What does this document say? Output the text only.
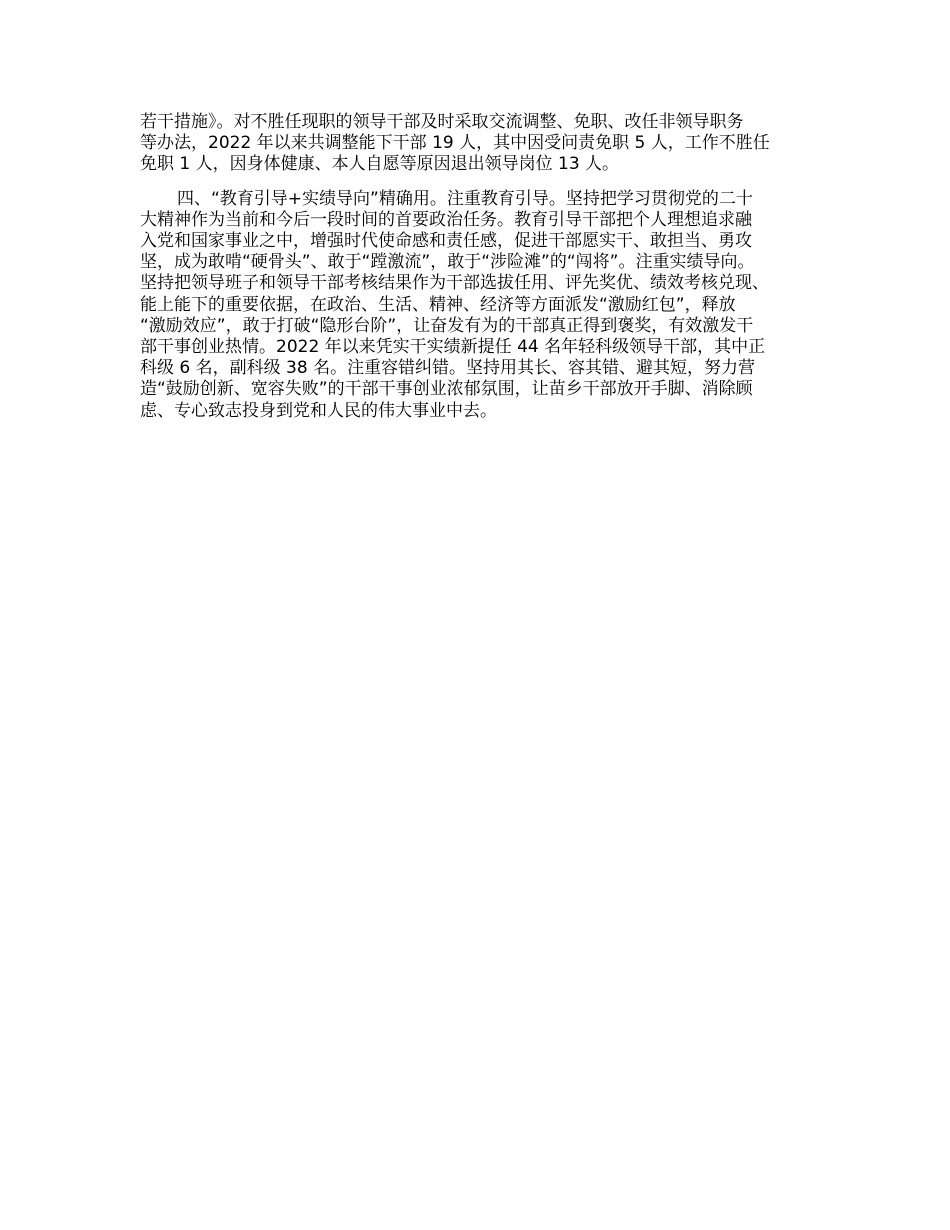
若干措施》。对不胜任现职的领导干部及时采取交流调整、免职、改任非领导职务
等办法，2022 年以来共调整能下干部 19 人，其中因受问责免职 5 人，工作不胜任
免职 1 人，因身体健康、本人自愿等原因退出领导岗位 13 人。

四、“教育引导+实绩导向”精确用。注重教育引导。坚持把学习贯彻党的二十
大精神作为当前和今后一段时间的首要政治任务。教育引导干部把个人理想追求融
入党和国家事业之中，增强时代使命感和责任感，促进干部愿实干、敢担当、勇攻
坚，成为敢啃“硬骨头”、敢于“蹚激流”，敢于“涉险滩”的“闯将”。注重实绩导向。
坚持把领导班子和领导干部考核结果作为干部选拔任用、评先奖优、绩效考核兑现、
能上能下的重要依据，在政治、生活、精神、经济等方面派发“激励红包”，释放
“激励效应”，敢于打破“隐形台阶”，让奋发有为的干部真正得到褒奖，有效激发干
部干事创业热情。2022 年以来凭实干实绩新提任 44 名年轻科级领导干部，其中正
科级 6 名，副科级 38 名。注重容错纠错。坚持用其长、容其错、避其短，努力营
造“鼓励创新、宽容失败”的干部干事创业浓郁氛围，让苗乡干部放开手脚、消除顾
虑、专心致志投身到党和人民的伟大事业中去。
